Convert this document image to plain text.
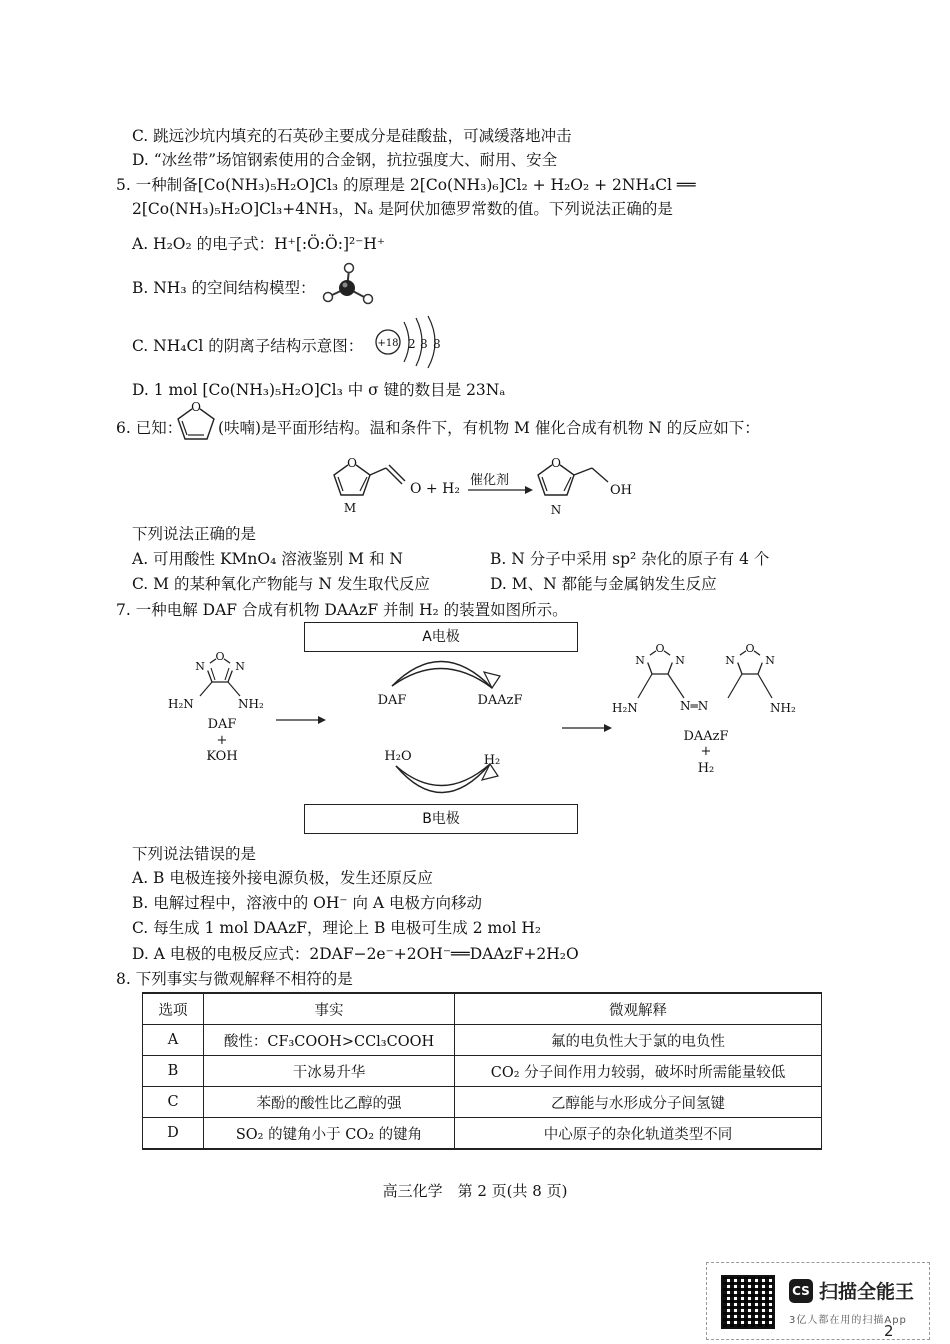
C. 跳远沙坑内填充的石英砂主要成分是硅酸盐，可减缓落地冲击
D. “冰丝带”场馆钢索使用的合金钢，抗拉强度大、耐用、安全
5. 一种制备[Co(NH₃)₅H₂O]Cl₃ 的原理是 2[Co(NH₃)₆]Cl₂ + H₂O₂ + 2NH₄Cl ══
2[Co(NH₃)₅H₂O]Cl₃+4NH₃，Nₐ 是阿伏加德罗常数的值。下列说法正确的是
A. H₂O₂ 的电子式：H⁺[:Ö:Ö:]²⁻H⁺
B. NH₃ 的空间结构模型：
C. NH₄Cl 的阴离子结构示意图： +18 2 8 8
D. 1 mol [Co(NH₃)₅H₂O]Cl₃ 中 σ 键的数目是 23Nₐ
6. 已知：
O
(呋喃)是平面形结构。温和条件下，有机物 M 催化合成有机物 N 的反应如下：
O
O + H₂
M
催化剂
O
OH
N
下列说法正确的是
A. 可用酸性 KMnO₄ 溶液鉴别 M 和 N	B. N 分子中采用 sp² 杂化的原子有 4 个
C. M 的某种氧化产物能与 N 发生取代反应	D. M、N 都能与金属钠发生反应
7. 一种电解 DAF 合成有机物 DAAzF 并制 H₂ 的装置如图所示。
A电极
B电极
O
N	N
H₂N	NH₂
DAF
+
KOH
DAF	DAAzF
H₂O	H₂
O
N	N
H₂N	N═N
O
N	N
NH₂
DAAzF
+
H₂
下列说法错误的是
A. B 电极连接外接电源负极，发生还原反应
B. 电解过程中，溶液中的 OH⁻ 向 A 电极方向移动
C. 每生成 1 mol DAAzF，理论上 B 电极可生成 2 mol H₂
D. A 电极的电极反应式：2DAF−2e⁻+2OH⁻══DAAzF+2H₂O
8. 下列事实与微观解释不相符的是
选项	事实	微观解释
A	酸性：CF₃COOH>CCl₃COOH	氟的电负性大于氯的电负性
B	干冰易升华	CO₂ 分子间作用力较弱，破坏时所需能量较低
C	苯酚的酸性比乙醇的强	乙醇能与水形成分子间氢键
D	SO₂ 的键角小于 CO₂ 的键角	中心原子的杂化轨道类型不同
高三化学　第 2 页(共 8 页)
CS 扫描全能王
3亿人都在用的扫描App
2
